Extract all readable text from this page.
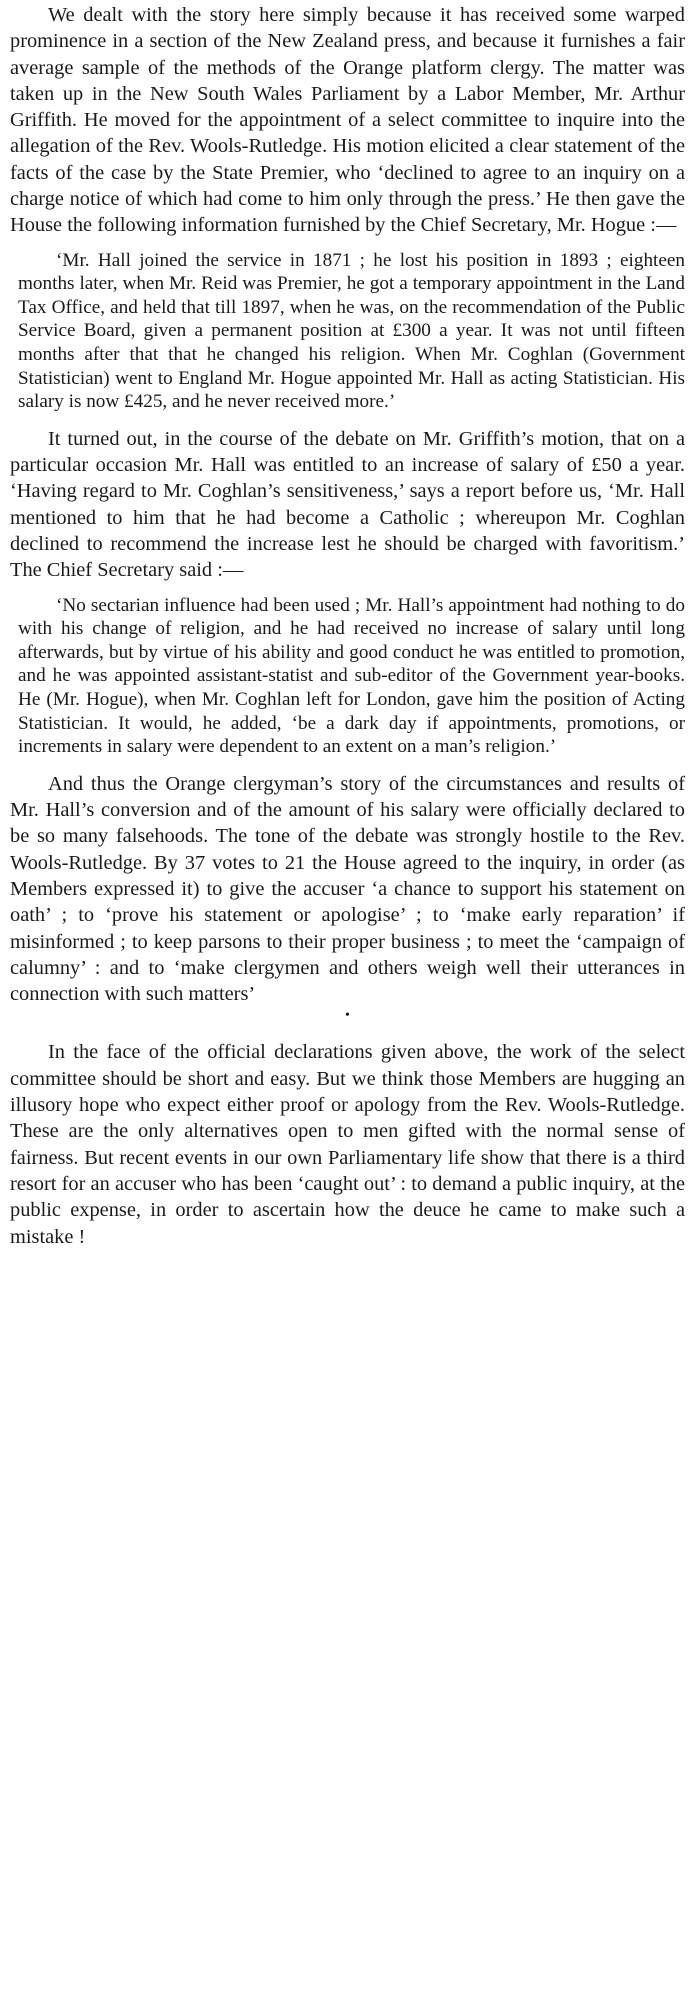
We dealt with the story here simply because it has received some warped prominence in a section of the New Zealand press, and because it furnishes a fair average sample of the methods of the Orange platform clergy. The matter was taken up in the New South Wales Parliament by a Labor Member, Mr. Arthur Griffith. He moved for the appointment of a select committee to inquire into the allegation of the Rev. Wools-Rutledge. His motion elicited a clear statement of the facts of the case by the State Premier, who ‘declined to agree to an inquiry on a charge notice of which had come to him only through the press.’ He then gave the House the following information furnished by the Chief Secretary, Mr. Hogue :—

‘Mr. Hall joined the service in 1871 ; he lost his position in 1893 ; eighteen months later, when Mr. Reid was Premier, he got a temporary appointment in the Land Tax Office, and held that till 1897, when he was, on the recommendation of the Public Service Board, given a permanent position at £300 a year. It was not until fifteen months after that that he changed his religion. When Mr. Coghlan (Government Statistician) went to England Mr. Hogue appointed Mr. Hall as acting Statistician. His salary is now £425, and he never received more.’

It turned out, in the course of the debate on Mr. Griffith’s motion, that on a particular occasion Mr. Hall was entitled to an increase of salary of £50 a year. ‘Having regard to Mr. Coghlan’s sensitiveness,’ says a report before us, ‘Mr. Hall mentioned to him that he had become a Catholic ; whereupon Mr. Coghlan declined to recommend the increase lest he should be charged with favoritism.’ The Chief Secretary said :—

‘No sectarian influence had been used ; Mr. Hall’s appointment had nothing to do with his change of religion, and he had received no increase of salary until long afterwards, but by virtue of his ability and good conduct he was entitled to promotion, and he was appointed assistant-statist and sub-editor of the Government year-books. He (Mr. Hogue), when Mr. Coghlan left for London, gave him the position of Acting Statistician. It would, he added, ‘be a dark day if appointments, promotions, or increments in salary were dependent to an extent on a man’s religion.’

And thus the Orange clergyman’s story of the circumstances and results of Mr. Hall’s conversion and of the amount of his salary were officially declared to be so many falsehoods. The tone of the debate was strongly hostile to the Rev. Wools-Rutledge. By 37 votes to 21 the House agreed to the inquiry, in order (as Members expressed it) to give the accuser ‘a chance to support his statement on oath’ ; to ‘prove his statement or apologise’ ; to ‘make early reparation’ if misinformed ; to keep parsons to their proper business ; to meet the ‘campaign of calumny’ : and to ‘make clergymen and others weigh well their utterances in connection with such matters’

•

In the face of the official declarations given above, the work of the select committee should be short and easy. But we think those Members are hugging an illusory hope who expect either proof or apology from the Rev. Wools-Rutledge. These are the only alternatives open to men gifted with the normal sense of fairness. But recent events in our own Parliamentary life show that there is a third resort for an accuser who has been ‘caught out’ : to demand a public inquiry, at the public expense, in order to ascertain how the deuce he came to make such a mistake !
